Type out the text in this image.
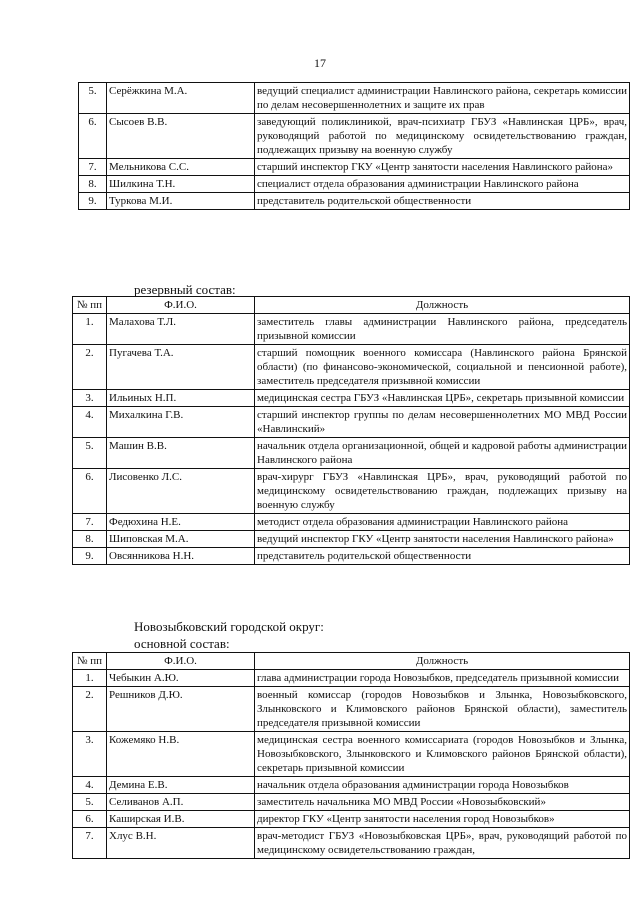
17
5.	Серёжкина М.А.	ведущий специалист администрации Навлинского района, секретарь комиссии по делам несовершеннолетних и защите их прав
6.	Сысоев В.В.	заведующий поликлиникой, врач-психиатр ГБУЗ «Навлинская ЦРБ», врач, руководящий работой по медицинскому освидетельствованию граждан, подлежащих призыву на военную службу
7.	Мельникова С.С.	старший инспектор ГКУ «Центр занятости населения Навлинского района»
8.	Шилкина Т.Н.	специалист отдела образования администрации Навлинского района
9.	Туркова М.И.	представитель родительской общественности
резервный состав:
№ пп	Ф.И.О.	Должность
1.	Малахова Т.Л.	заместитель главы администрации Навлинского района, председатель призывной комиссии
2.	Пугачева Т.А.	старший помощник военного комиссара (Навлинского района Брянской области) (по финансово-экономической, социальной и пенсионной работе), заместитель председателя призывной комиссии
3.	Ильиных Н.П.	медицинская сестра ГБУЗ «Навлинская ЦРБ», секретарь призывной комиссии
4.	Михалкина Г.В.	старший инспектор группы по делам несовершеннолетних МО МВД России «Навлинский»
5.	Машин В.В.	начальник отдела организационной, общей и кадровой работы администрации Навлинского района
6.	Лисовенко Л.С.	врач-хирург ГБУЗ «Навлинская ЦРБ», врач, руководящий работой по медицинскому освидетельствованию граждан, подлежащих призыву на военную службу
7.	Федюхина Н.Е.	методист отдела образования администрации Навлинского района
8.	Шиповская М.А.	ведущий инспектор ГКУ «Центр занятости населения Навлинского района»
9.	Овсянникова Н.Н.	представитель родительской общественности
Новозыбковский городской округ:
основной состав:
№ пп	Ф.И.О.	Должность
1.	Чебыкин А.Ю.	глава администрации города Новозыбков, председатель призывной комиссии
2.	Решников Д.Ю.	военный комиссар (городов Новозыбков и Злынка, Новозыбковского, Злынковского и Климовского районов Брянской области), заместитель председателя призывной комиссии
3.	Кожемяко Н.В.	медицинская сестра военного комиссариата (городов Новозыбков и Злынка, Новозыбковского, Злынковского и Климовского районов Брянской области), секретарь призывной комиссии
4.	Демина Е.В.	начальник отдела образования администрации города Новозыбков
5.	Селиванов А.П.	заместитель начальника МО МВД России «Новозыбковский»
6.	Каширская И.В.	директор ГКУ «Центр занятости населения город Новозыбков»
7.	Хлус В.Н.	врач-методист ГБУЗ «Новозыбковская ЦРБ», врач, руководящий работой по медицинскому освидетельствованию граждан,
